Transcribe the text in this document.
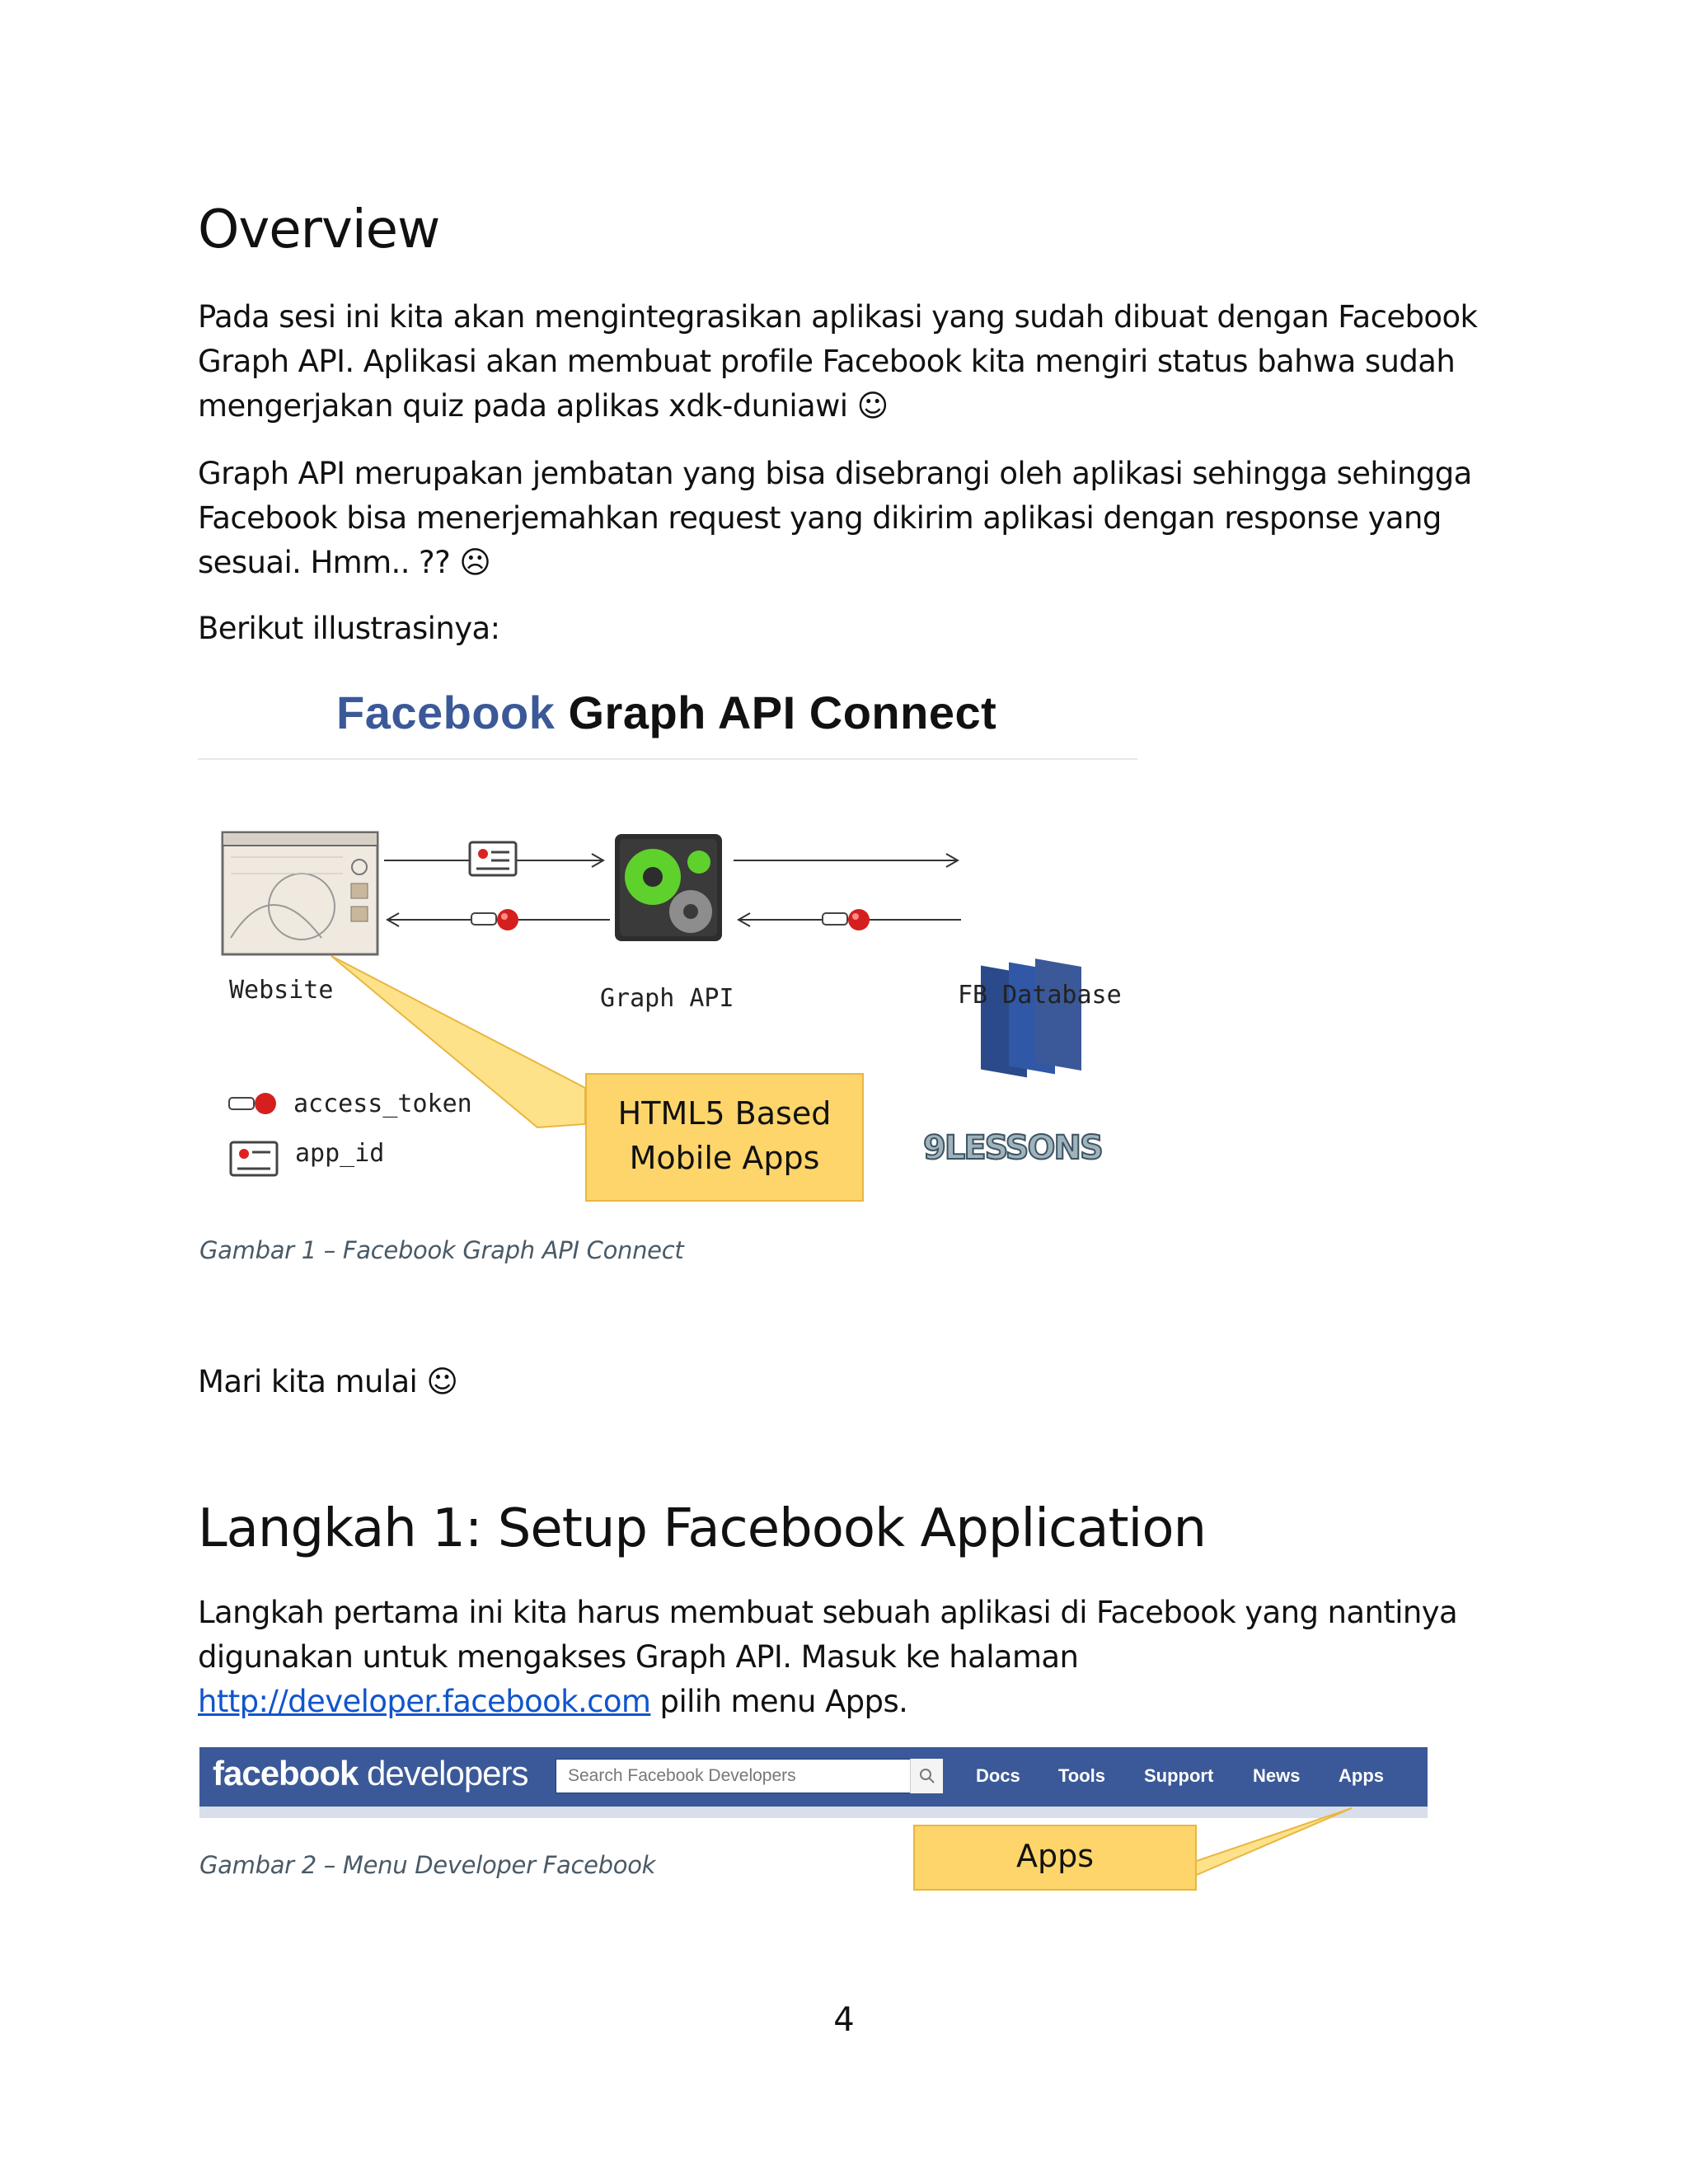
Overview

Pada sesi ini kita akan mengintegrasikan aplikasi yang sudah dibuat dengan Facebook Graph API. Aplikasi akan membuat profile Facebook kita mengiri status bahwa sudah mengerjakan quiz pada aplikas xdk-duniawi ☺

Graph API merupakan jembatan yang bisa disebrangi oleh aplikasi sehingga sehingga Facebook bisa menerjemahkan request yang dikirim aplikasi dengan response yang sesuai. Hmm.. ?? ☹

Berikut illustrasinya:

Facebook Graph API Connect
f
Website	Graph API	FB Database
access_token
app_id
HTML5 Based
Mobile Apps	9LESSONS

Gambar 1 – Facebook Graph API Connect

Mari kita mulai ☺

Langkah 1: Setup Facebook Application

Langkah pertama ini kita harus membuat sebuah aplikasi di Facebook yang nantinya digunakan untuk mengakses Graph API. Masuk ke halaman http://developer.facebook.com pilih menu Apps.

facebook developers	Search Facebook Developers	Docs Tools Support News Apps
Apps

Gambar 2 – Menu Developer Facebook

4
